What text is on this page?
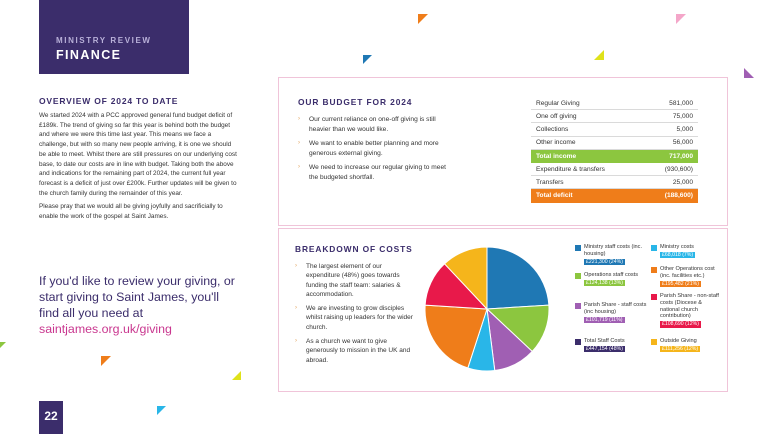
MINISTRY REVIEW
FINANCE
OVERVIEW OF 2024 TO DATE

We started 2024 with a PCC approved general fund budget deficit of £189k. The trend of giving so far this year is behind both the budget and where we were this time last year. This means we face a challenge, but with so many new people arriving, it is one we should be able to meet. Whilst there are still pressures on our underlying cost base, to date our costs are in line with budget. Taking both the above and indications for the remaining part of 2024, the current full year forecast is a deficit of just over £200k. Further updates will be given to the church family during the remainder of this year.

Please pray that we would all be giving joyfully and sacrificially to enable the work of the gospel at Saint James.

If you'd like to review your giving, or start giving to Saint James, you'll find all you need at saintjames.org.uk/giving
22
OUR BUDGET FOR 2024
› Our current reliance on one-off giving is still heavier than we would like.
› We want to enable better planning and more generous external giving.
› We need to increase our regular giving to meet the budgeted shortfall.
Regular Giving	581,000
One off giving	75,000
Collections	5,000
Other income	56,000
Total income	717,000
Expenditure & transfers	(930,600)
Transfers	25,000
Total deficit	(188,600)
BREAKDOWN OF COSTS
› The largest element of our expenditure (48%) goes towards funding the staff team: salaries & accommodation.
› We are investing to grow disciples whilst raising up leaders for the wider church.
› As a church we want to give generously to mission in the UK and abroad.
Ministry staff costs (inc. housing)
£221,300 (24%)
Ministry costs
£68,018 (7%)
Operations staff costs
£124,138 (13%)
Other Operations cost (inc. facilities etc.)
£195,482 (21%)
Parish Share - staff costs (inc housing)
£101,719 (11%)
Parish Share - non-staff costs (Diocese & national church contribution)
£108,690 (12%)
Total Staff Costs
£447,154 (48%)
Outside Giving
£111,256 (12%)
